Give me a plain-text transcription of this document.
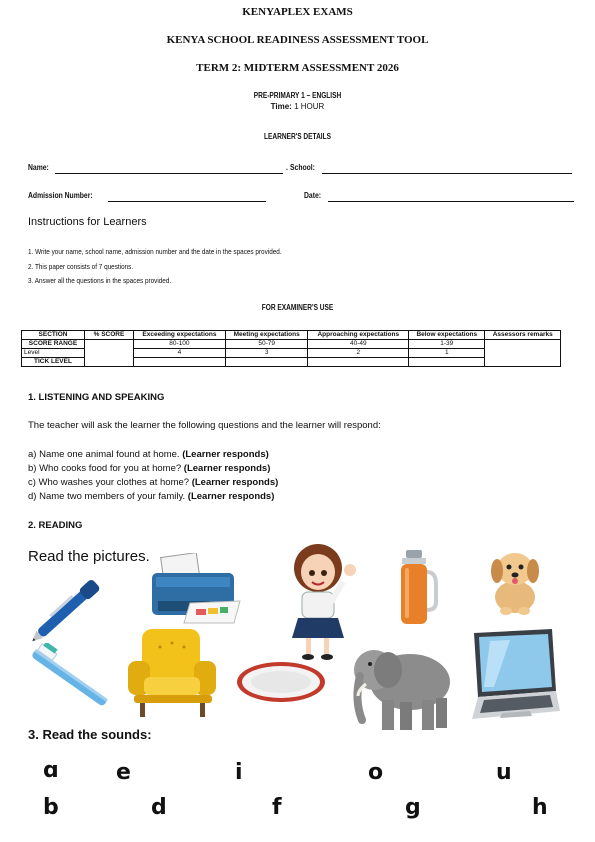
KENYAPLEX EXAMS
KENYA SCHOOL READINESS ASSESSMENT TOOL
TERM 2: MIDTERM ASSESSMENT 2026
PRE-PRIMARY 1 – ENGLISH
Time: 1 HOUR
LEARNER'S DETAILS
Name:	. School:
Admission Number:	Date:
Instructions for Learners
1. Write your name, school name, admission number and the date in the spaces provided.
2. This paper consists of 7 questions.
3. Answer all the questions in the spaces provided.
FOR EXAMINER'S USE
SECTION	% SCORE	Exceeding expectations	Meeting expectations	Approaching expectations	Below expectations	Assessors remarks
SCORE RANGE		80-100	50-79	40-49	1-39	
Level		4	3	2	1	
TICK LEVEL						
1. LISTENING AND SPEAKING
The teacher will ask the learner the following questions and the learner will respond:
a) Name one animal found at home. (Learner responds)
b) Who cooks food for you at home? (Learner responds)
c) Who washes your clothes at home? (Learner responds)
d) Name two members of your family. (Learner responds)
2. READING
Read the pictures.
3. Read the sounds:
ɑ	e	i	o	u
b	d	f	g	h
